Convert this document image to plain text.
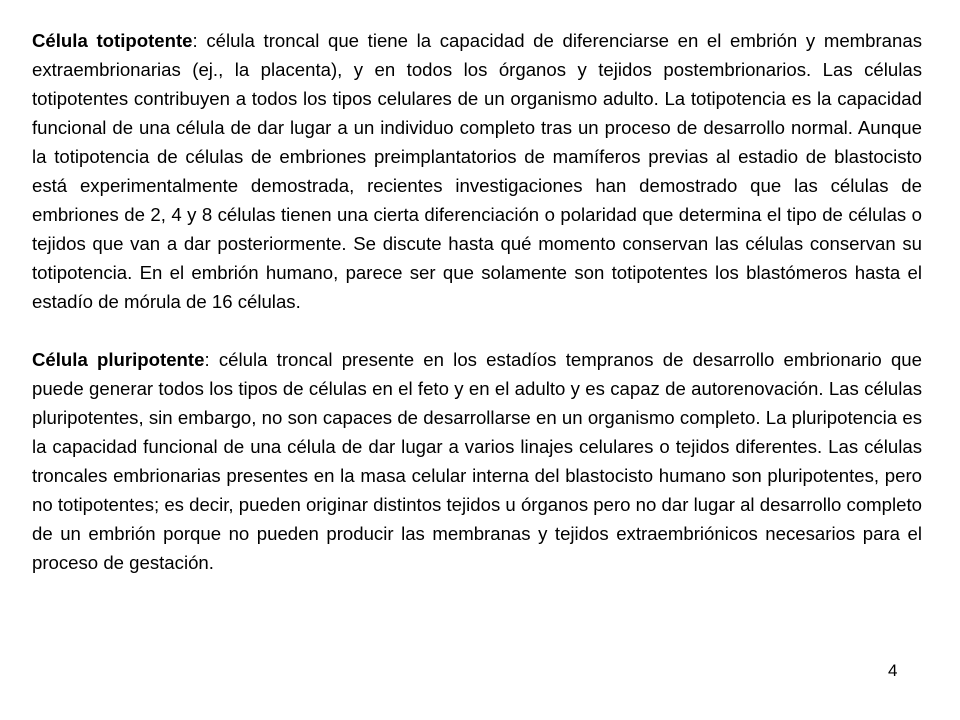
Célula totipotente: célula troncal que tiene la capacidad de diferenciarse en el embrión y membranas extraembrionarias (ej., la placenta), y en todos los órganos y tejidos postembrionarios. Las células totipotentes contribuyen a todos los tipos celulares de un organismo adulto. La totipotencia es la capacidad funcional de una célula de dar lugar a un individuo completo tras un proceso de desarrollo normal. Aunque la totipotencia de células de embriones preimplantatorios de mamíferos previas al estadio de blastocisto está experimentalmente demostrada, recientes investigaciones han demostrado que las células de embriones de 2, 4 y 8 células tienen una cierta diferenciación o polaridad que determina el tipo de células o tejidos que van a dar posteriormente. Se discute hasta qué momento conservan las células conservan su totipotencia. En el embrión humano, parece ser que solamente son totipotentes los blastómeros hasta el estadío de mórula de 16 células.

Célula pluripotente: célula troncal presente en los estadíos tempranos de desarrollo embrionario que puede generar todos los tipos de células en el feto y en el adulto y es capaz de autorenovación. Las células pluripotentes, sin embargo, no son capaces de desarrollarse en un organismo completo. La pluripotencia es la capacidad funcional de una célula de dar lugar a varios linajes celulares o tejidos diferentes. Las células troncales embrionarias presentes en la masa celular interna del blastocisto humano son pluripotentes, pero no totipotentes; es decir, pueden originar distintos tejidos u órganos pero no dar lugar al desarrollo completo de un embrión porque no pueden producir las membranas y tejidos extraembriónicos necesarios para el proceso de gestación.

4
